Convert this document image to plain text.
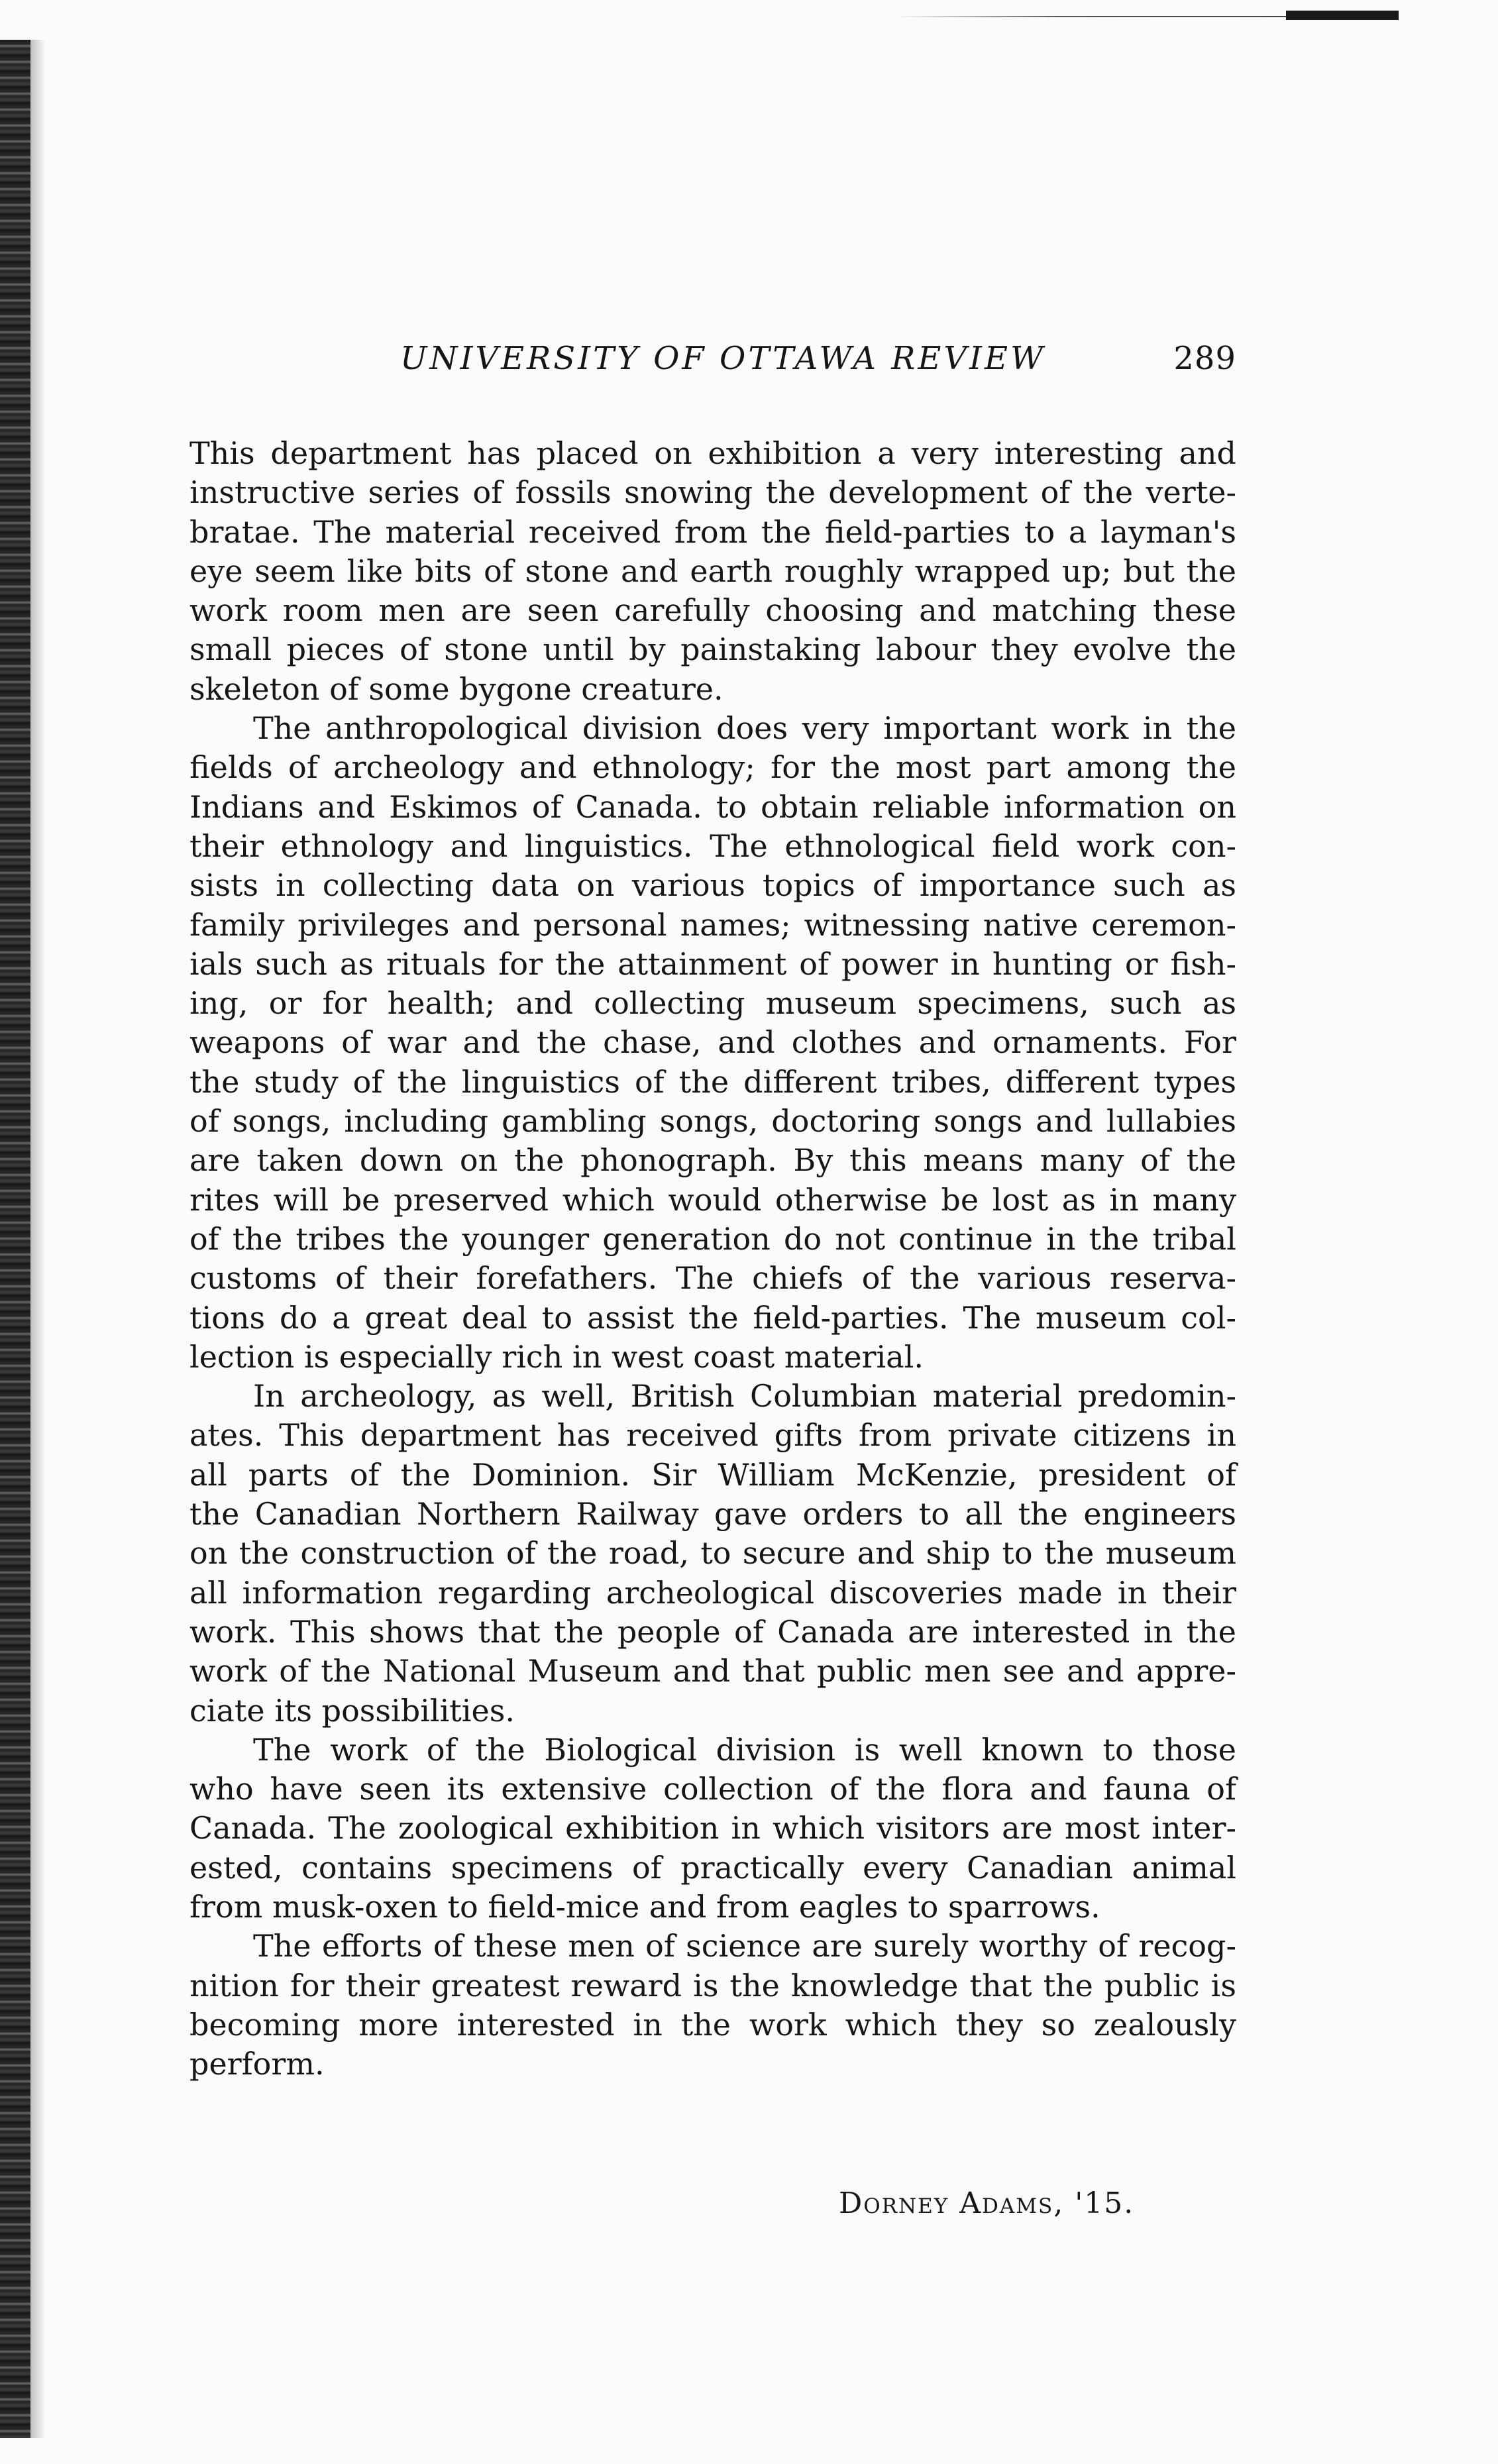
UNIVERSITY OF OTTAWA REVIEW	289
This department has placed on exhibition a very interesting and
instructive series of fossils snowing the development of the verte-
bratae. The material received from the field-parties to a layman's
eye seem like bits of stone and earth roughly wrapped up; but the
work room men are seen carefully choosing and matching these
small pieces of stone until by painstaking labour they evolve the
skeleton of some bygone creature.
The anthropological division does very important work in the
fields of archeology and ethnology; for the most part among the
Indians and Eskimos of Canada. to obtain reliable information on
their ethnology and linguistics. The ethnological field work con-
sists in collecting data on various topics of importance such as
family privileges and personal names; witnessing native ceremon-
ials such as rituals for the attainment of power in hunting or fish-
ing, or for health; and collecting museum specimens, such as
weapons of war and the chase, and clothes and ornaments. For
the study of the linguistics of the different tribes, different types
of songs, including gambling songs, doctoring songs and lullabies
are taken down on the phonograph. By this means many of the
rites will be preserved which would otherwise be lost as in many
of the tribes the younger generation do not continue in the tribal
customs of their forefathers. The chiefs of the various reserva-
tions do a great deal to assist the field-parties. The museum col-
lection is especially rich in west coast material.
In archeology, as well, British Columbian material predomin-
ates. This department has received gifts from private citizens in
all parts of the Dominion. Sir William McKenzie, president of
the Canadian Northern Railway gave orders to all the engineers
on the construction of the road, to secure and ship to the museum
all information regarding archeological discoveries made in their
work. This shows that the people of Canada are interested in the
work of the National Museum and that public men see and appre-
ciate its possibilities.
The work of the Biological division is well known to those
who have seen its extensive collection of the flora and fauna of
Canada. The zoological exhibition in which visitors are most inter-
ested, contains specimens of practically every Canadian animal
from musk-oxen to field-mice and from eagles to sparrows.
The efforts of these men of science are surely worthy of recog-
nition for their greatest reward is the knowledge that the public is
becoming more interested in the work which they so zealously
perform.
Dorney Adams, '15.
